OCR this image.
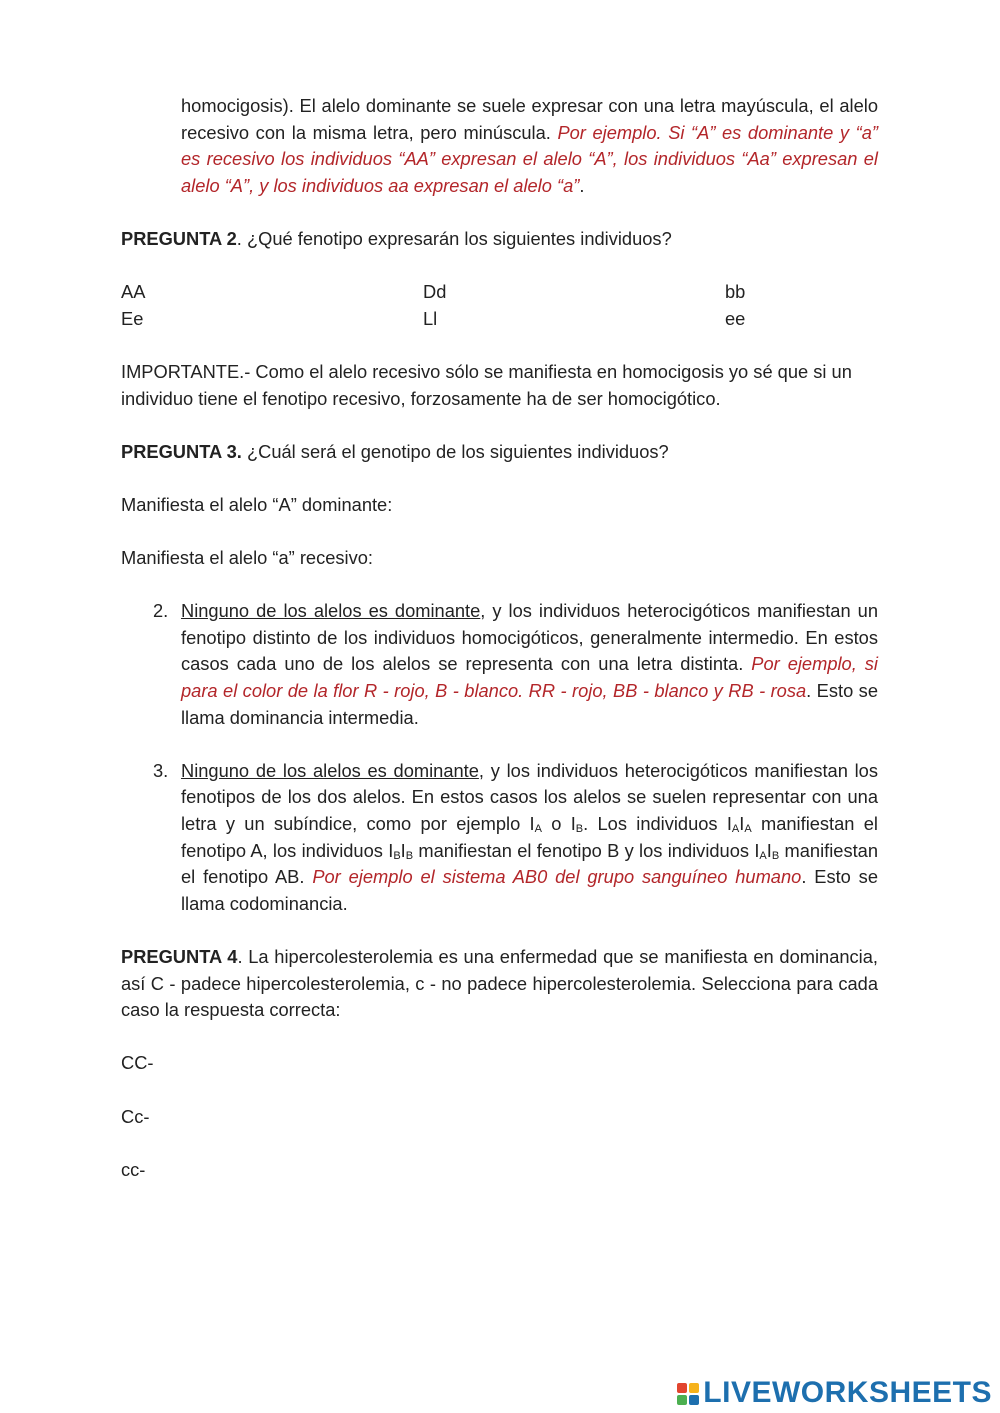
homocigosis). El alelo dominante se suele expresar con una letra mayúscula, el alelo recesivo con la misma letra, pero minúscula. Por ejemplo. Si “A” es dominante y “a” es recesivo los individuos “AA” expresan el alelo “A”, los individuos “Aa” expresan el alelo “A”, y los individuos aa expresan el alelo “a”.

PREGUNTA 2. ¿Qué fenotipo expresarán los siguientes individuos?

AA	Dd	bb
Ee	Ll	ee

IMPORTANTE.- Como el alelo recesivo sólo se manifiesta en homocigosis yo sé que si un individuo tiene el fenotipo recesivo, forzosamente ha de ser homocigótico.

PREGUNTA 3. ¿Cuál será el genotipo de los siguientes individuos?

Manifiesta el alelo “A” dominante:

Manifiesta el alelo “a” recesivo:

2. Ninguno de los alelos es dominante, y los individuos heterocigóticos manifiestan un fenotipo distinto de los individuos homocigóticos, generalmente intermedio. En estos casos cada uno de los alelos se representa con una letra distinta. Por ejemplo, si para el color de la flor R - rojo, B - blanco. RR - rojo, BB - blanco y RB - rosa. Esto se llama dominancia intermedia.

3. Ninguno de los alelos es dominante, y los individuos heterocigóticos manifiestan los fenotipos de los dos alelos. En estos casos los alelos se suelen representar con una letra y un subíndice, como por ejemplo $I_A$ o $I_B$. Los individuos $I_AI_A$ manifiestan el fenotipo A, los individuos $I_BI_B$ manifiestan el fenotipo B y los individuos $I_AI_B$ manifiestan el fenotipo AB. Por ejemplo el sistema AB0 del grupo sanguíneo humano. Esto se llama codominancia.

PREGUNTA 4. La hipercolesterolemia es una enfermedad que se manifiesta en dominancia, así C - padece hipercolesterolemia, c - no padece hipercolesterolemia. Selecciona para cada caso la respuesta correcta:

CC-

Cc-

cc-

LIVEWORKSHEETS
